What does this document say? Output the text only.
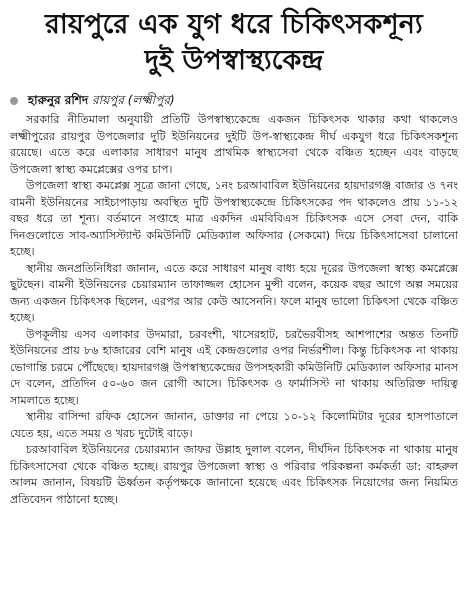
রায়পুরে এক যুগ ধরে চিকিৎসকশূন্য
দুই উপস্বাস্থ্যকেন্দ্র
হারুনুর রশিদ রায়পুর (লক্ষ্মীপুর)

সরকারি নীতিমালা অনুযায়ী প্রতিটি উপস্বাস্থ্যকেন্দ্রে একজন চিকিৎসক থাকার কথা থাকলেও লক্ষ্মীপুরের রায়পুর উপজেলার দুটি ইউনিয়নের দুইটি উপ-স্বাস্থ্যকেন্দ্র দীর্ঘ একযুগ ধরে চিকিৎসকশূন্য রয়েছে। এতে করে এলাকার সাধারণ মানুষ প্রাথমিক স্বাস্থ্যসেবা থেকে বঞ্চিত হচ্ছেন এবং বাড়ছে উপজেলা স্বাস্থ্য কমপ্লেক্সের ওপর চাপ।

উপজেলা স্বাস্থ্য কমপ্লেক্স সূত্রে জানা গেছে, ১নং চরআবাবিল ইউনিয়নের হায়দারগঞ্জ বাজার ও ৭নং বামনী ইউনিয়নের সাইচাপাড়ায় অবস্থিত দুটি উপস্বাস্থ্যকেন্দ্রে চিকিৎসকের পদ থাকলেও প্রায় ১১-১২ বছর ধরে তা শূন্য। বর্তমানে সপ্তাহে মাত্র একদিন এমবিবিএস চিকিৎসক এসে সেবা দেন, বাকি দিনগুলোতে সাব-অ্যাসিস্ট্যান্ট কমিউনিটি মেডিক্যাল অফিসার (সেকমো) দিয়ে চিকিৎসাসেবা চালানো হচ্ছে।

স্থানীয় জনপ্রতিনিধিরা জানান, এতে করে সাধারণ মানুষ বাধ্য হয়ে দূরের উপজেলা স্বাস্থ্য কমপ্লেক্সে ছুটছেন। বামনী ইউনিয়নের চেয়ারম্যান তাফাজ্জল হোসেন মুন্সী বলেন, কয়েক বছর আগে অল্প সময়ের জন্য একজন চিকিৎসক ছিলেন, এরপর আর কেউ আসেননি। ফলে মানুষ ভালো চিকিৎসা থেকে বঞ্চিত হচ্ছে।

উপকূলীয় এসব এলাকার উদমারা, চরবংশী, খাসেরহাট, চরভৈরবীসহ আশপাশের অন্তত তিনটি ইউনিয়নের প্রায় ৮৬ হাজারের বেশি মানুষ এই কেন্দ্রগুলোর ওপর নির্ভরশীল। কিন্তু চিকিৎসক না থাকায় ভোগান্তি চরমে পৌঁছেছে। হায়দারগঞ্জ উপস্বাস্থ্যকেন্দ্রের উপসহকারী কমিউনিটি মেডিক্যাল অফিসার মানস দে বলেন, প্রতিদিন ৫০-৬০ জন রোগী আসে। চিকিৎসক ও ফার্মাসিস্ট না থাকায় অতিরিক্ত দায়িত্ব সামলাতে হচ্ছে।

স্থানীয় বাসিন্দা রফিক হোসেন জানান, ডাক্তার না পেয়ে ১০-১২ কিলোমিটার দূরের হাসপাতালে যেতে হয়, এতে সময় ও খরচ দুটোই বাড়ে।

চরআবাবিল ইউনিয়নের চেয়ারম্যান জাফর উল্লাহ দুলাল বলেন, দীর্ঘদিন চিকিৎসক না থাকায় মানুষ চিকিৎসাসেবা থেকে বঞ্চিত হচ্ছে। রায়পুর উপজেলা স্বাস্থ্য ও পরিবার পরিকল্পনা কর্মকর্তা ডা: বাহরুল আলম জানান, বিষয়টি ঊর্ধ্বতন কর্তৃপক্ষকে জানানো হয়েছে এবং চিকিৎসক নিয়োগের জন্য নিয়মিত প্রতিবেদন পাঠানো হচ্ছে।
